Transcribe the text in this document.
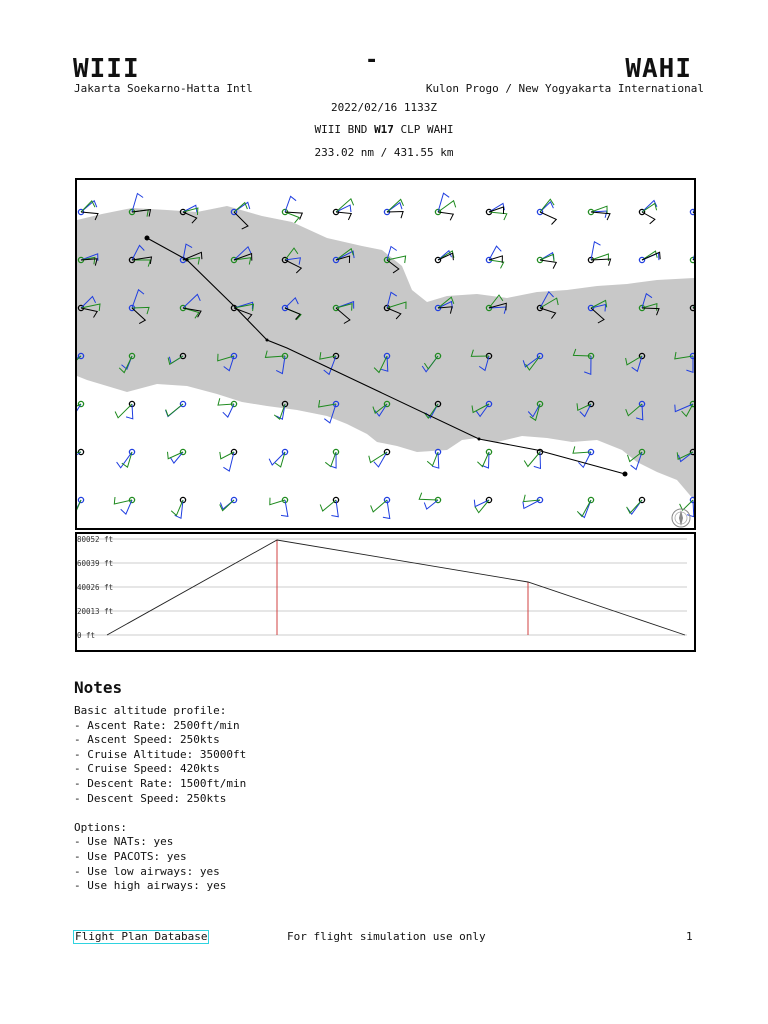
WIII	-	WAHI
Jakarta Soekarno-Hatta Intl	Kulon Progo / New Yogyakarta International
2022/02/16 1133Z
WIII BND W17 CLP WAHI
233.02 nm / 431.55 km
80052 ft
60039 ft
40026 ft
20013 ft
0 ft
Notes
Basic altitude profile:
- Ascent Rate: 2500ft/min
- Ascent Speed: 250kts
- Cruise Altitude: 35000ft
- Cruise Speed: 420kts
- Descent Rate: 1500ft/min
- Descent Speed: 250kts

Options:
- Use NATs: yes
- Use PACOTS: yes
- Use low airways: yes
- Use high airways: yes
Flight Plan Database	For flight simulation use only	1
